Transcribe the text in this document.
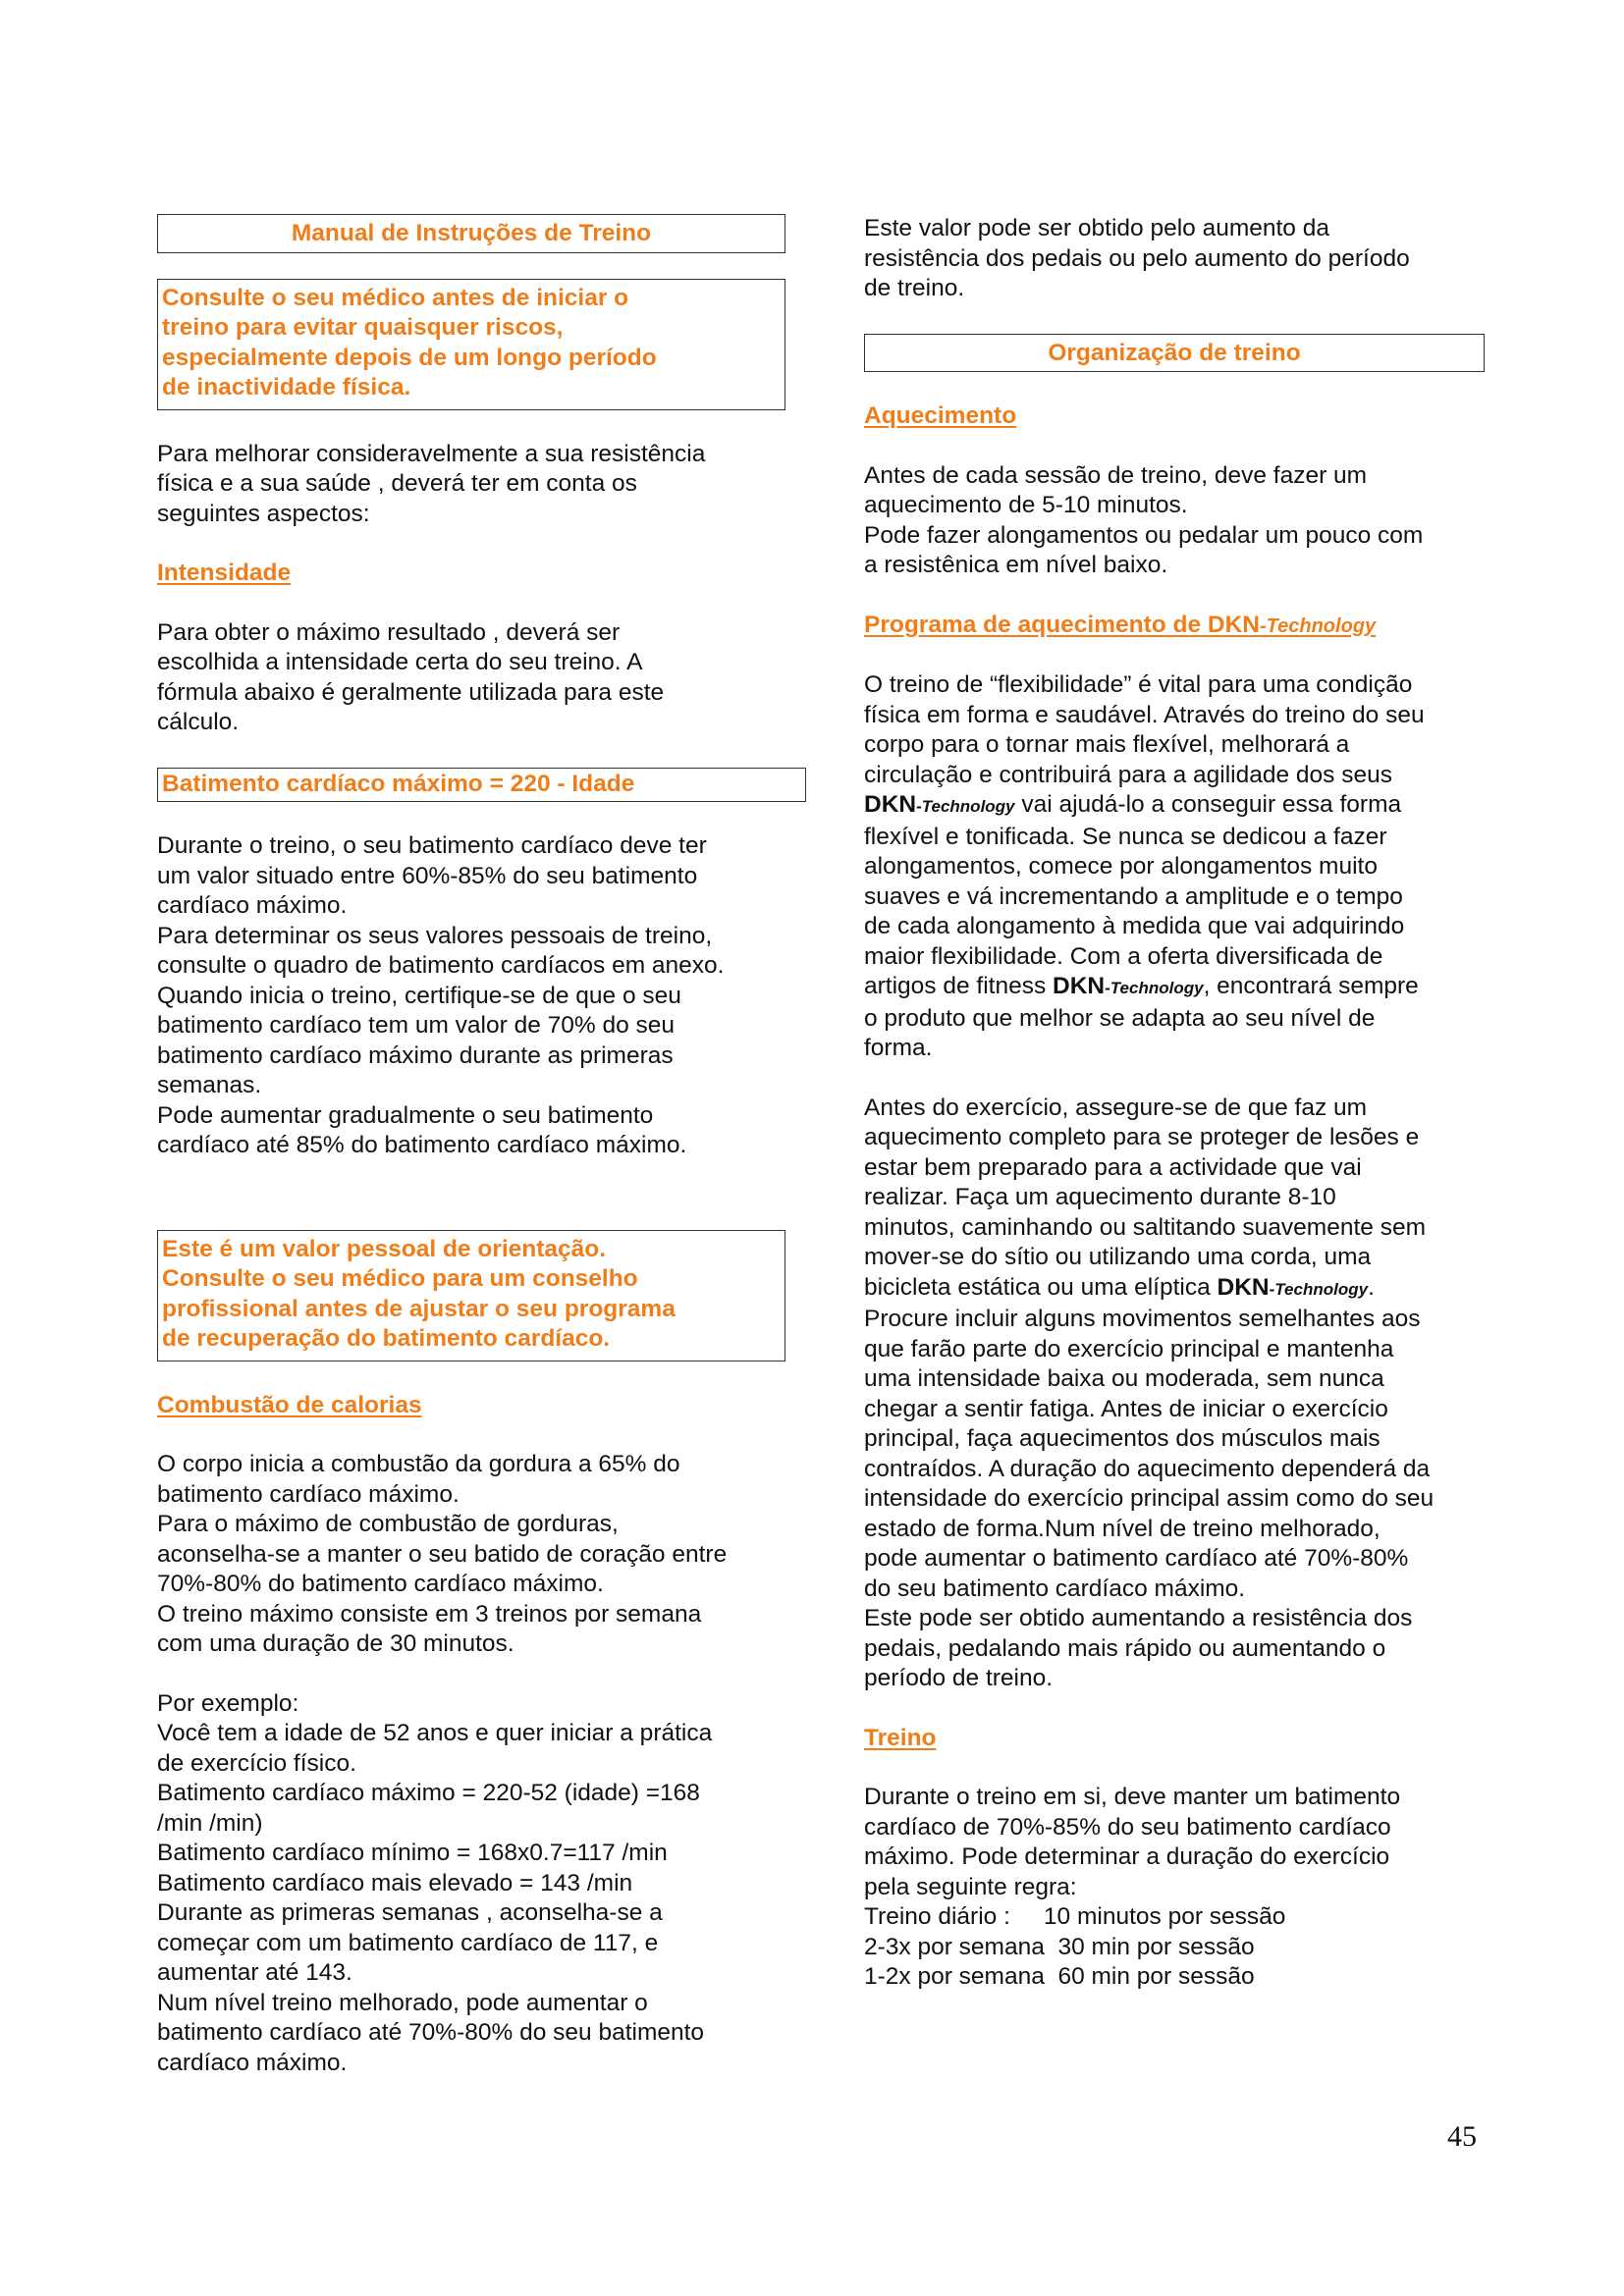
Manual de Instruções de Treino
Consulte o seu médico antes de iniciar o
treino para evitar quaisquer riscos,
especialmente depois de um longo período
de inactividade física.
Para melhorar consideravelmente a sua resistência
física e a sua saúde , deverá ter em conta os
seguintes aspectos:
Intensidade
Para obter o máximo resultado , deverá ser
escolhida a intensidade certa do seu treino. A
fórmula abaixo é geralmente utilizada para este
cálculo.
Batimento cardíaco máximo = 220 - Idade
Durante o treino, o seu batimento cardíaco deve ter
um valor situado entre 60%-85% do seu batimento
cardíaco máximo.
Para determinar os seus valores pessoais de treino,
consulte o quadro de batimento cardíacos em anexo.
Quando inicia o treino, certifique-se de que o seu
batimento cardíaco tem um valor de 70% do seu
batimento cardíaco máximo durante as primeras
semanas.
Pode aumentar gradualmente o seu batimento
cardíaco até 85% do batimento cardíaco máximo.
Este é um valor pessoal de orientação.
Consulte o seu médico para um conselho
profissional antes de ajustar o seu programa
de recuperação do batimento cardíaco.
Combustão de calorias
O corpo inicia a combustão da gordura a 65% do
batimento cardíaco máximo.
Para o máximo de combustão de gorduras,
aconselha-se a manter o seu batido de coração entre
70%-80% do batimento cardíaco máximo.
O treino máximo consiste em 3 treinos por semana
com uma duração de 30 minutos.
Por exemplo:
Você tem a idade de 52 anos e quer iniciar a prática
de exercício físico.
Batimento cardíaco máximo = 220-52 (idade) =168
/min /min)
Batimento cardíaco mínimo = 168x0.7=117 /min
Batimento cardíaco mais elevado = 143 /min
Durante as primeras semanas , aconselha-se a
começar com um batimento cardíaco de 117, e
aumentar até 143.
Num nível treino melhorado, pode aumentar o
batimento cardíaco até 70%-80% do seu batimento
cardíaco máximo.
Este valor pode ser obtido pelo aumento da
resistência dos pedais ou pelo aumento do período
de treino.
Organização de treino
Aquecimento
Antes de cada sessão de treino, deve fazer um
aquecimento de 5-10 minutos.
Pode fazer alongamentos ou pedalar um pouco com
a resistênica em nível baixo.
Programa de aquecimento de DKN-Technology
O treino de “flexibilidade” é vital para uma condição
física em forma e saudável. Através do treino do seu
corpo para o tornar mais flexível, melhorará a
circulação e contribuirá para a agilidade dos seus
DKN-Technology vai ajudá-lo a conseguir essa forma
flexível e tonificada. Se nunca se dedicou a fazer
alongamentos, comece por alongamentos muito
suaves e vá incrementando a amplitude e o tempo
de cada alongamento à medida que vai adquirindo
maior flexibilidade. Com a oferta diversificada de
artigos de fitness DKN-Technology, encontrará sempre
o produto que melhor se adapta ao seu nível de
forma.
Antes do exercício, assegure-se de que faz um
aquecimento completo para se proteger de lesões e
estar bem preparado para a actividade que vai
realizar. Faça um aquecimento durante 8-10
minutos, caminhando ou saltitando suavemente sem
mover-se do sítio ou utilizando uma corda, uma
bicicleta estática ou uma elíptica DKN-Technology.
Procure incluir alguns movimentos semelhantes aos
que farão parte do exercício principal e mantenha
uma intensidade baixa ou moderada, sem nunca
chegar a sentir fatiga. Antes de iniciar o exercício
principal, faça aquecimentos dos músculos mais
contraídos. A duração do aquecimento dependerá da
intensidade do exercício principal assim como do seu
estado de forma.Num nível de treino melhorado,
pode aumentar o batimento cardíaco até 70%-80%
do seu batimento cardíaco máximo.
Este pode ser obtido aumentando a resistência dos
pedais, pedalando mais rápido ou aumentando o
período de treino.
Treino
Durante o treino em si, deve manter um batimento
cardíaco de 70%-85% do seu batimento cardíaco
máximo. Pode determinar a duração do exercício
pela seguinte regra:
Treino diário :     10 minutos por sessão
2-3x por semana  30 min por sessão
1-2x por semana  60 min por sessão
45
